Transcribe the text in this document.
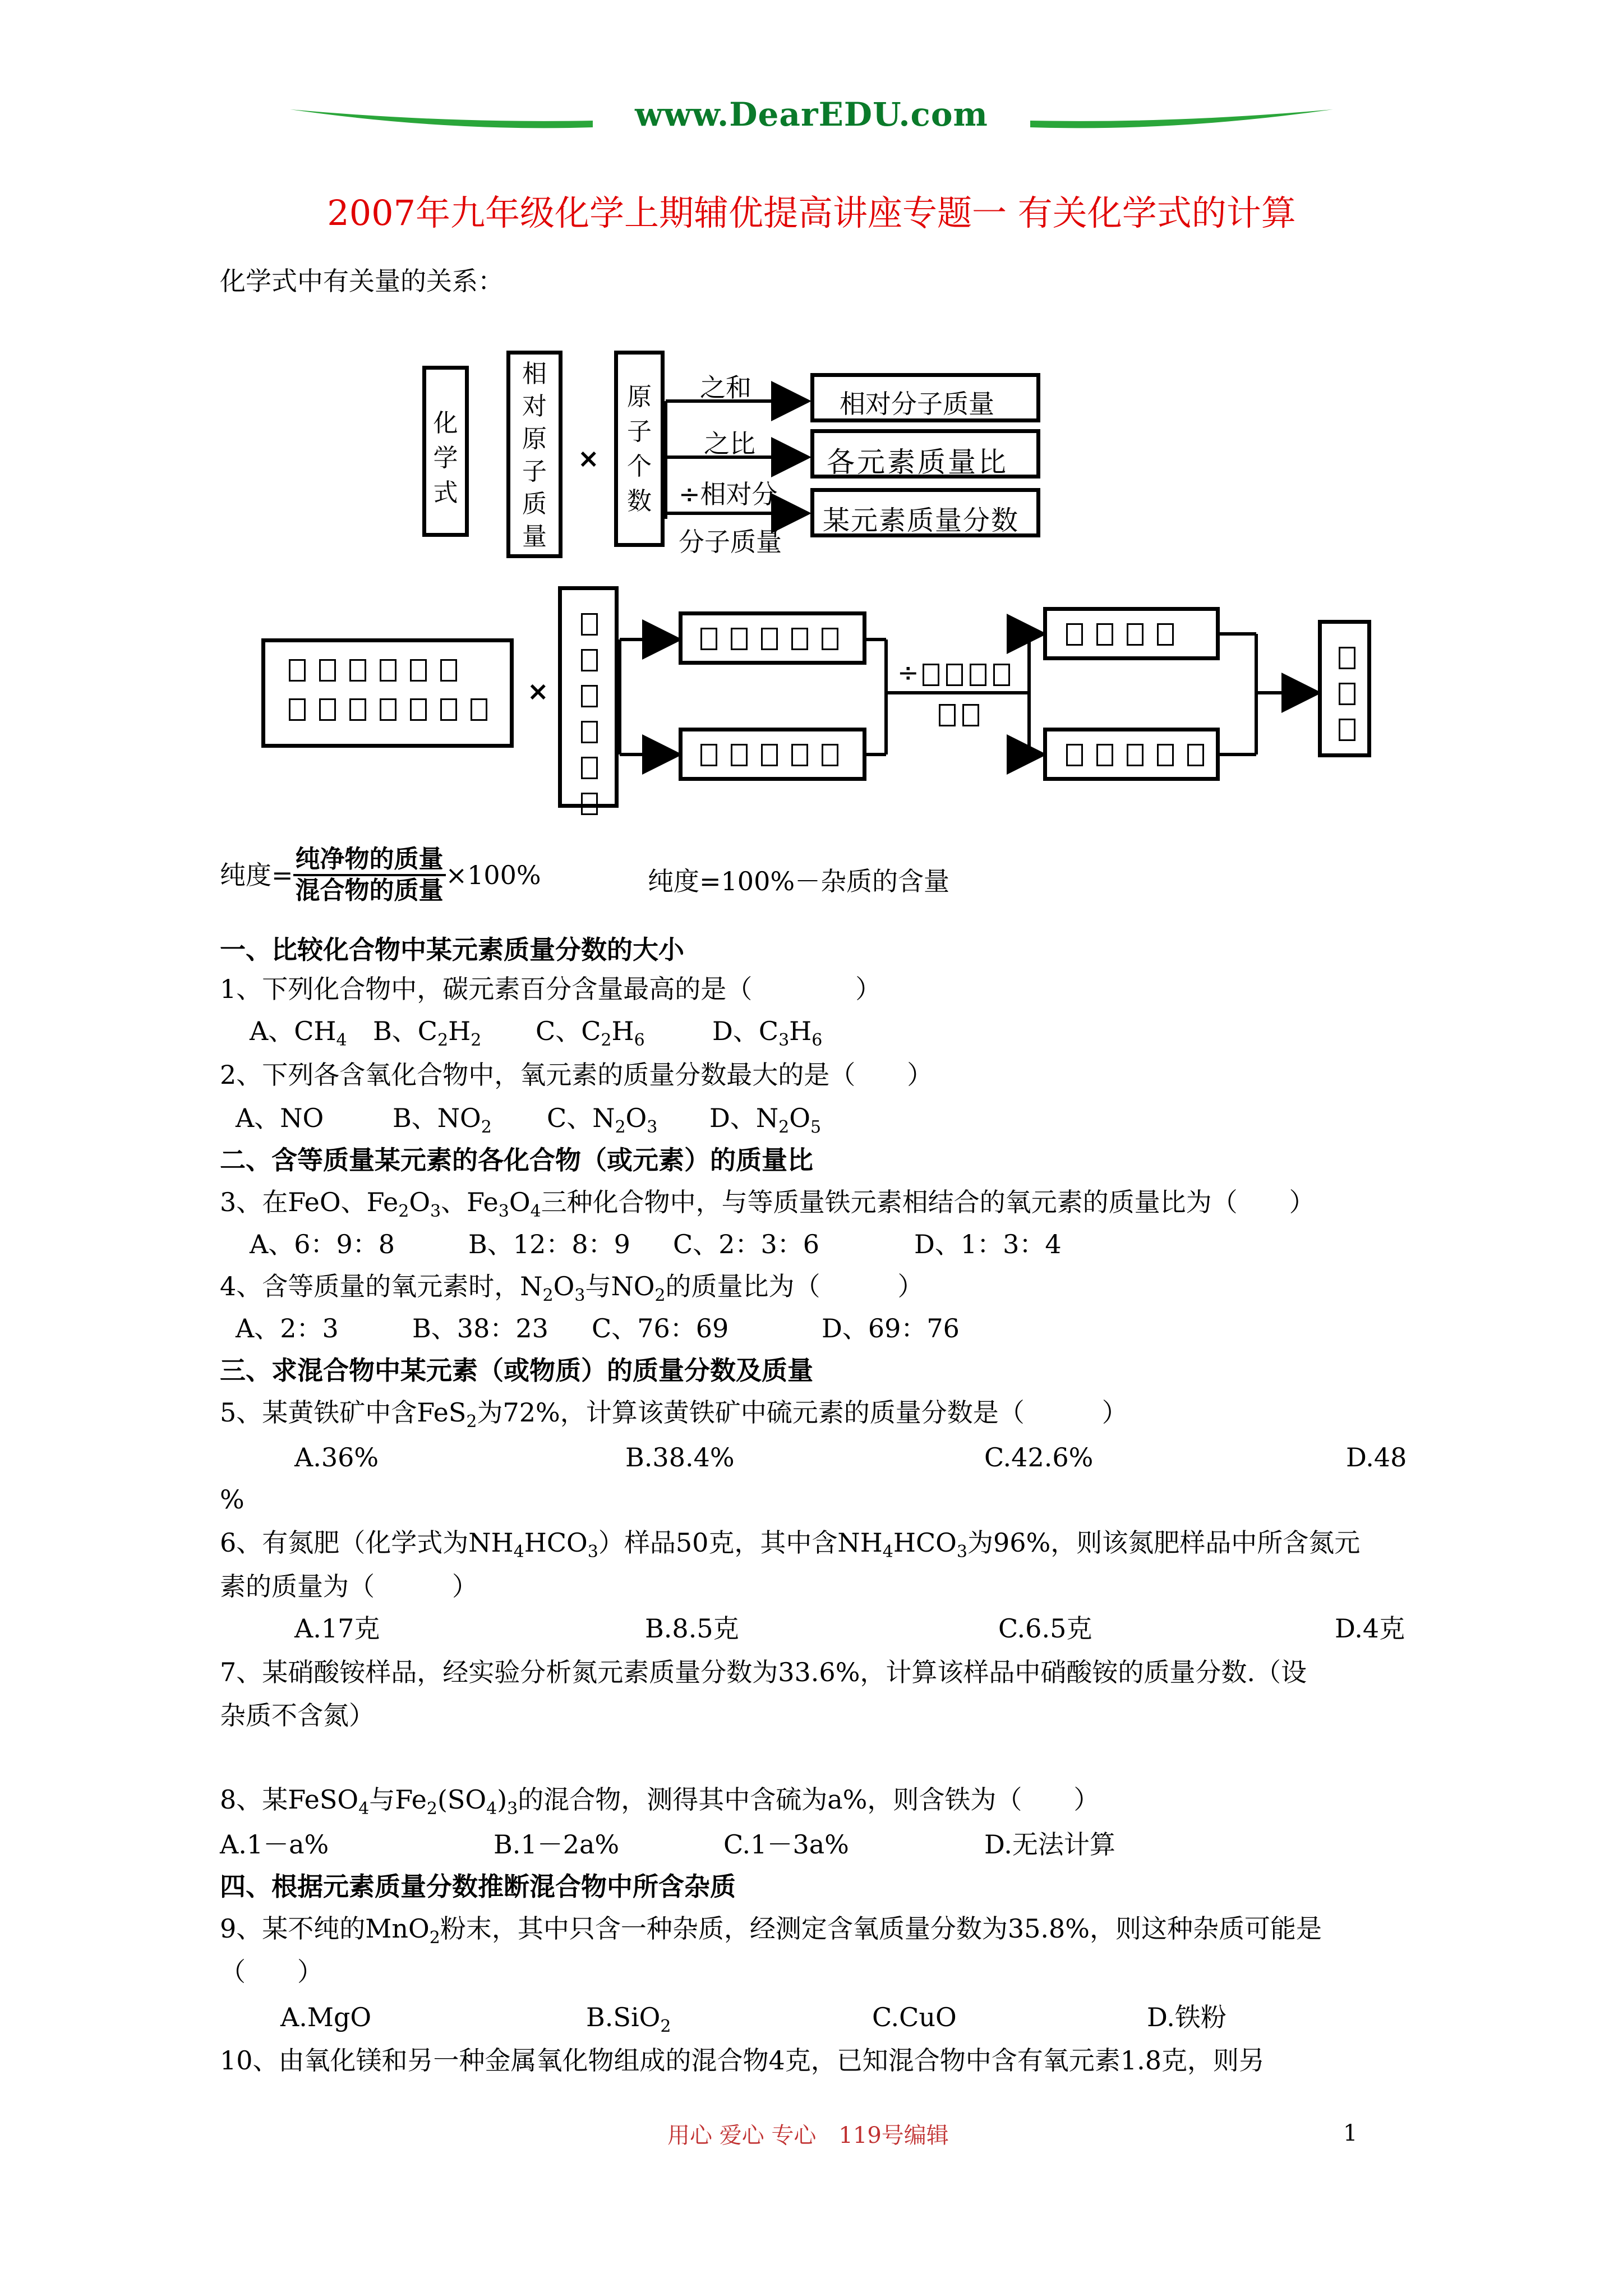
www.DearEDU.com
2007年九年级化学上期辅优提高讲座专题一 有关化学式的计算
化学式中有关量的关系：
化
学
式
相
对
原
子
质
量
×
原
子
个
数
之和
之比
÷相对分
分子质量
相对分子质量
各元素质量比
某元素质量分数
×

÷

纯度= $\frac{\text{纯净物的质量}}{\text{混合物的质量}} \times 100\%$	纯度=100%－杂质的含量
一、比较化合物中某元素质量分数的大小
1、下列化合物中，碳元素百分含量最高的是（　　　　）
A、$CH_4$ B、$C_2H_2$ C、$C_2H_6$	D、$C_3H_6$
2、下列各含氧化合物中，氧元素的质量分数最大的是（　　）
A、NO	B、$NO_2$ C、$N_2O_3$ D、$N_2O_5$
二、含等质量某元素的各化合物（或元素）的质量比
3、在FeO、$Fe_2O_3$、$Fe_3O_4$三种化合物中，与等质量铁元素相结合的氧元素的质量比为（　　）
A、6：9：8	B、12：8：9 C、2：3：6	D、1：3：4
4、含等质量的氧元素时，$N_2O_3$与$NO_2$的质量比为（　　　）
A、2：3	B、38：23 C、76：69	D、69：76
三、求混合物中某元素（或物质）的质量分数及质量
5、某黄铁矿中含FeS$_2$为72%，计算该黄铁矿中硫元素的质量分数是（　　　）
A.36%	B.38.4%	C.42.6%	D.48
%
6、有氮肥（化学式为$NH_4HCO_3$）样品50克，其中含$NH_4HCO_3$为96%，则该氮肥样品中所含氮元
素的质量为（　　　）
A.17克	B.8.5克	C.6.5克	D.4克
7、某硝酸铵样品，经实验分析氮元素质量分数为33.6%，计算该样品中硝酸铵的质量分数.（设
杂质不含氮）
8、某FeSO$_4$与$Fe_2(SO_4)_3$的混合物，测得其中含硫为a%，则含铁为（　　）
A.1－a%	B.1－2a%	C.1－3a%	D.无法计算
四、根据元素质量分数推断混合物中所含杂质
9、某不纯的MnO$_2$粉末，其中只含一种杂质，经测定含氧质量分数为35.8%，则这种杂质可能是
（　　）
A.MgO	B.SiO$_2$	C.CuO	D.铁粉
10、由氧化镁和另一种金属氧化物组成的混合物4克，已知混合物中含有氧元素1.8克，则另
用心 爱心 专心　119号编辑	1
